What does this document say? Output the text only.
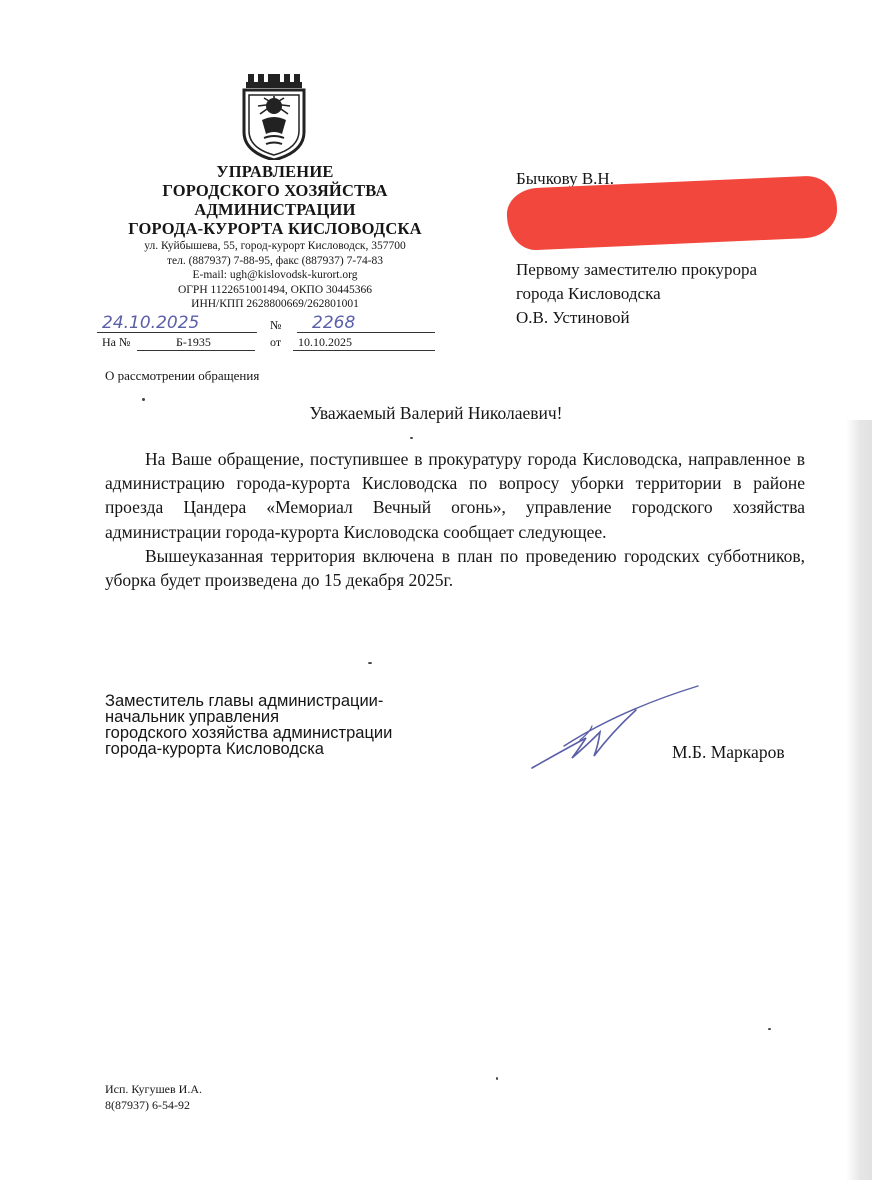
УПРАВЛЕНИЕ
ГОРОДСКОГО ХОЗЯЙСТВА
АДМИНИСТРАЦИИ
ГОРОДА-КУРОРТА КИСЛОВОДСКА
ул. Куйбышева, 55, город-курорт Кисловодск, 357700
тел. (887937) 7-88-95, факс (887937) 7-74-83
E-mail: ugh@kislovodsk-kurort.org
ОГРН 1122651001494, ОКПО 30445366
ИНН/КПП 2628800669/262801001
24.10.2025	№ 2268
На №	Б-1935	от 10.10.2025
Бычкову В.Н.
Первому заместителю прокурора
города Кисловодска
О.В. Устиновой
О рассмотрении обращения
Уважаемый Валерий Николаевич!

На Ваше обращение, поступившее в прокуратуру города Кисловодска, направленное в администрацию города-курорта Кисловодска по вопросу уборки территории в районе проезда Цандера «Мемориал Вечный огонь», управление городского хозяйства администрации города-курорта Кисловодска сообщает следующее.

Вышеуказанная территория включена в план по проведению городских субботников, уборка будет произведена до 15 декабря 2025г.

Заместитель главы администрации-
начальник управления
городского хозяйства администрации
города-курорта Кисловодска	М.Б. Маркаров
Исп. Кугушев И.А.
8(87937) 6-54-92
